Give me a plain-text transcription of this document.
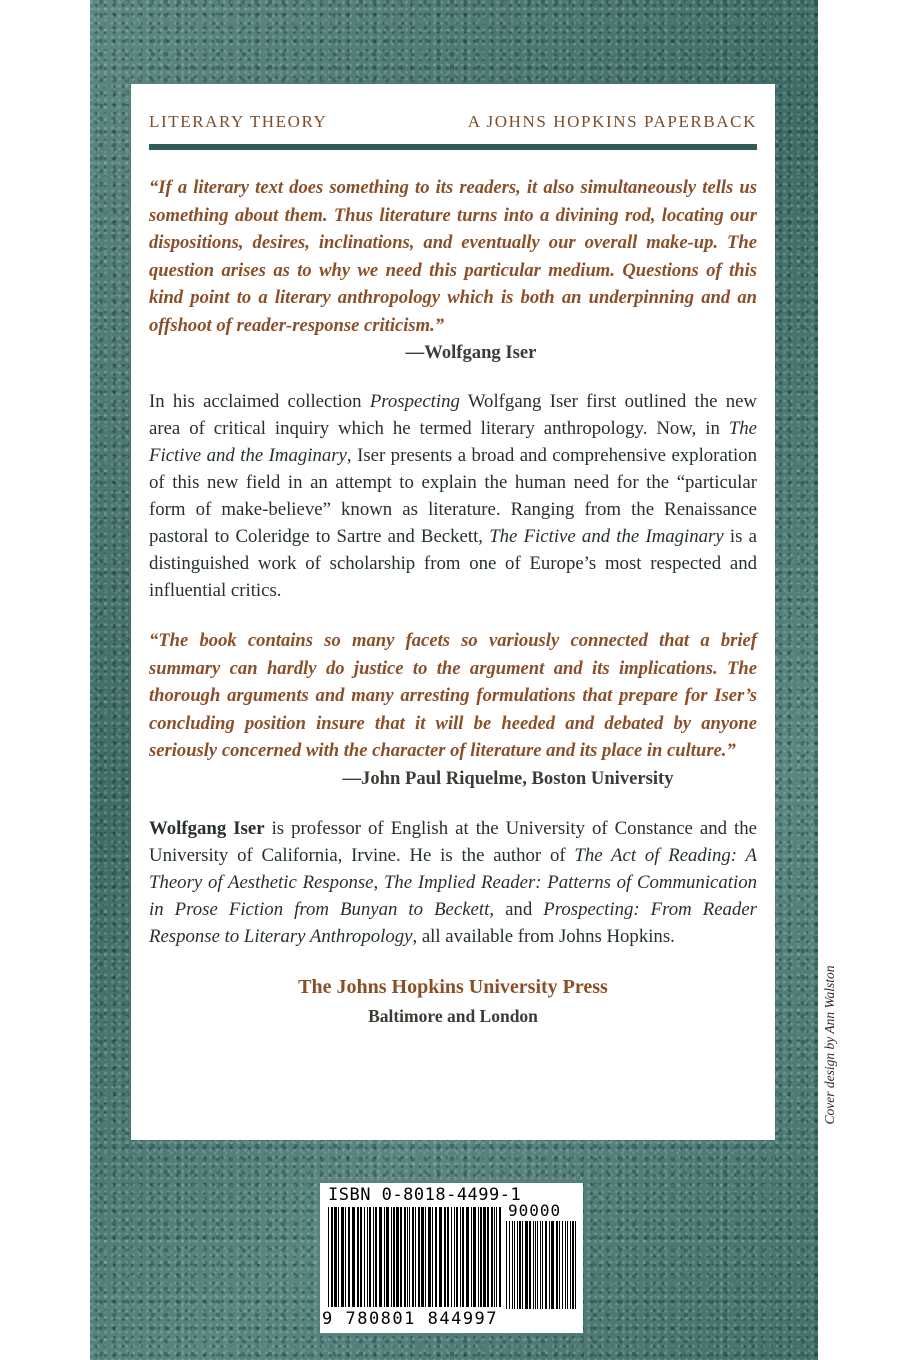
LITERARY THEORY	A JOHNS HOPKINS PAPERBACK
“If a literary text does something to its readers, it also simultaneously tells us something about them. Thus literature turns into a divining rod, locating our dispositions, desires, inclinations, and eventually our overall make-up. The question arises as to why we need this particular medium. Questions of this kind point to a literary anthropology which is both an underpinning and an offshoot of reader-response criticism.”
—Wolfgang Iser
In his acclaimed collection Prospecting Wolfgang Iser first outlined the new area of critical inquiry which he termed literary anthropology. Now, in The Fictive and the Imaginary, Iser presents a broad and comprehensive exploration of this new field in an attempt to explain the human need for the “particular form of make-believe” known as literature. Ranging from the Renaissance pastoral to Coleridge to Sartre and Beckett, The Fictive and the Imaginary is a distinguished work of scholarship from one of Europe’s most respected and influential critics.
“The book contains so many facets so variously connected that a brief summary can hardly do justice to the argument and its implications. The thorough arguments and many arresting formulations that prepare for Iser’s concluding position insure that it will be heeded and debated by anyone seriously concerned with the character of literature and its place in culture.”
—John Paul Riquelme, Boston University
Wolfgang Iser is professor of English at the University of Constance and the University of California, Irvine. He is the author of The Act of Reading: A Theory of Aesthetic Response, The Implied Reader: Patterns of Communication in Prose Fiction from Bunyan to Beckett, and Prospecting: From Reader Response to Literary Anthropology, all available from Johns Hopkins.
The Johns Hopkins University Press
Baltimore and London	Cover design by Ann Walston
ISBN 0-8018-4499-1
90000
9 780801 844997
